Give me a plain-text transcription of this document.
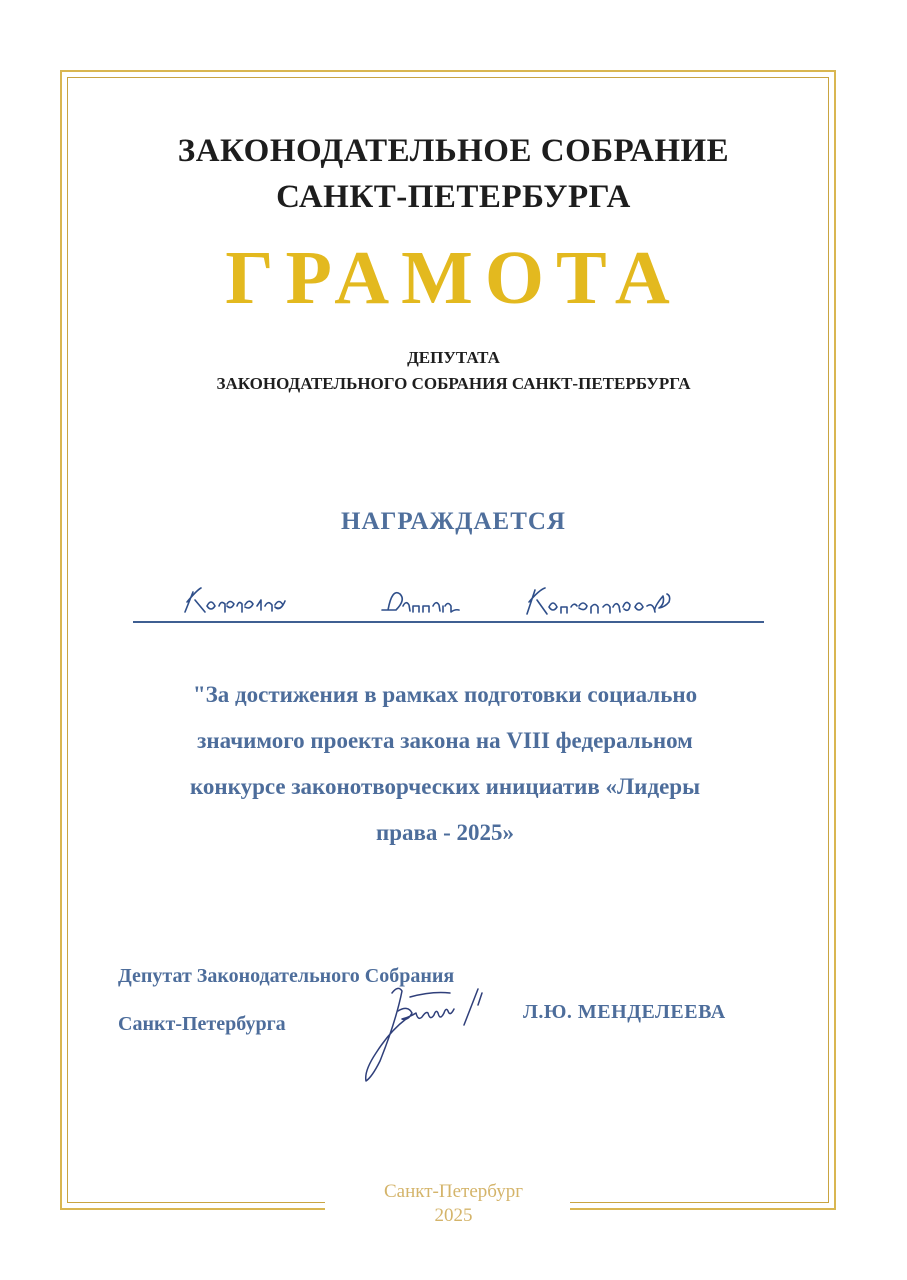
ЗАКОНОДАТЕЛЬНОЕ СОБРАНИЕ
САНКТ-ПЕТЕРБУРГА
ГРАМОТА
ДЕПУТАТА
ЗАКОНОДАТЕЛЬНОГО СОБРАНИЯ САНКТ-ПЕТЕРБУРГА
НАГРАЖДАЕТСЯ
"За достижения в рамках подготовки социально
значимого проекта закона на VIII федеральном
конкурсе законотворческих инициатив «Лидеры
права - 2025»
Депутат Законодательного Собрания
Санкт-Петербурга
Л.Ю. МЕНДЕЛЕЕВА
Санкт-Петербург
2025
